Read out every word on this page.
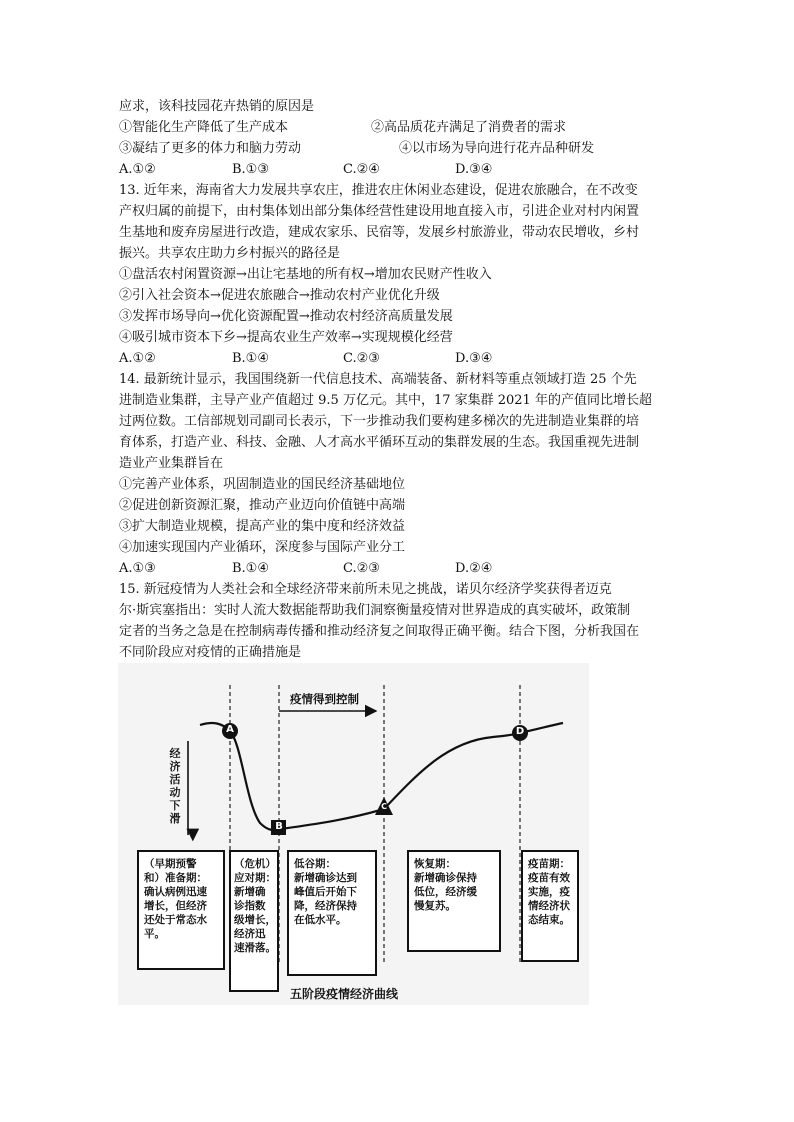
应求，该科技园花卉热销的原因是
①智能化生产降低了生产成本	②高品质花卉满足了消费者的需求
③凝结了更多的体力和脑力劳动	④以市场为导向进行花卉品种研发
A.①②	B.①③	C.②④	D.③④
13. 近年来，海南省大力发展共享农庄，推进农庄休闲业态建设，促进农旅融合，在不改变
产权归属的前提下，由村集体划出部分集体经营性建设用地直接入市，引进企业对村内闲置
生基地和废弃房屋进行改造，建成农家乐、民宿等，发展乡村旅游业，带动农民增收，乡村
振兴。共享农庄助力乡村振兴的路径是
①盘活农村闲置资源→出让宅基地的所有权→增加农民财产性收入
②引入社会资本→促进农旅融合→推动农村产业优化升级
③发挥市场导向→优化资源配置→推动农村经济高质量发展
④吸引城市资本下乡→提高农业生产效率→实现规模化经营
A.①②	B.①④	C.②③	D.③④
14. 最新统计显示，我国围绕新一代信息技术、高端装备、新材料等重点领域打造 25 个先
进制造业集群，主导产业产值超过 9.5 万亿元。其中，17 家集群 2021 年的产值同比增长超
过两位数。工信部规划司副司长表示，下一步推动我们要构建多梯次的先进制造业集群的培
育体系，打造产业、科技、金融、人才高水平循环互动的集群发展的生态。我国重视先进制
造业产业集群旨在
①完善产业体系，巩固制造业的国民经济基础地位
②促进创新资源汇聚，推动产业迈向价值链中高端
③扩大制造业规模，提高产业的集中度和经济效益
④加速实现国内产业循环，深度参与国际产业分工
A.①③	B.①④	C.②③	D.②④
15. 新冠疫情为人类社会和全球经济带来前所未见之挑战，诺贝尔经济学奖获得者迈克
尔·斯宾塞指出：实时人流大数据能帮助我们洞察衡量疫情对世界造成的真实破坏，政策制
定者的当务之急是在控制病毒传播和推动经济复之间取得正确平衡。结合下图，分析我国在
不同阶段应对疫情的正确措施是
疫情得到控制
经济活动下滑
A
B
C
D
（早期预警
和）准备期：
确认病例迅速
增长，但经济
还处于常态水
平。
（危机）
应对期：
新增确
诊指数
级增长，
经济迅
速滑落。
低谷期：
新增确诊达到
峰值后开始下
降，经济保持
在低水平。
恢复期：
新增确诊保持
低位，经济缓
慢复苏。
疫苗期：
疫苗有效
实施，疫
情经济状
态结束。
五阶段疫情经济曲线
